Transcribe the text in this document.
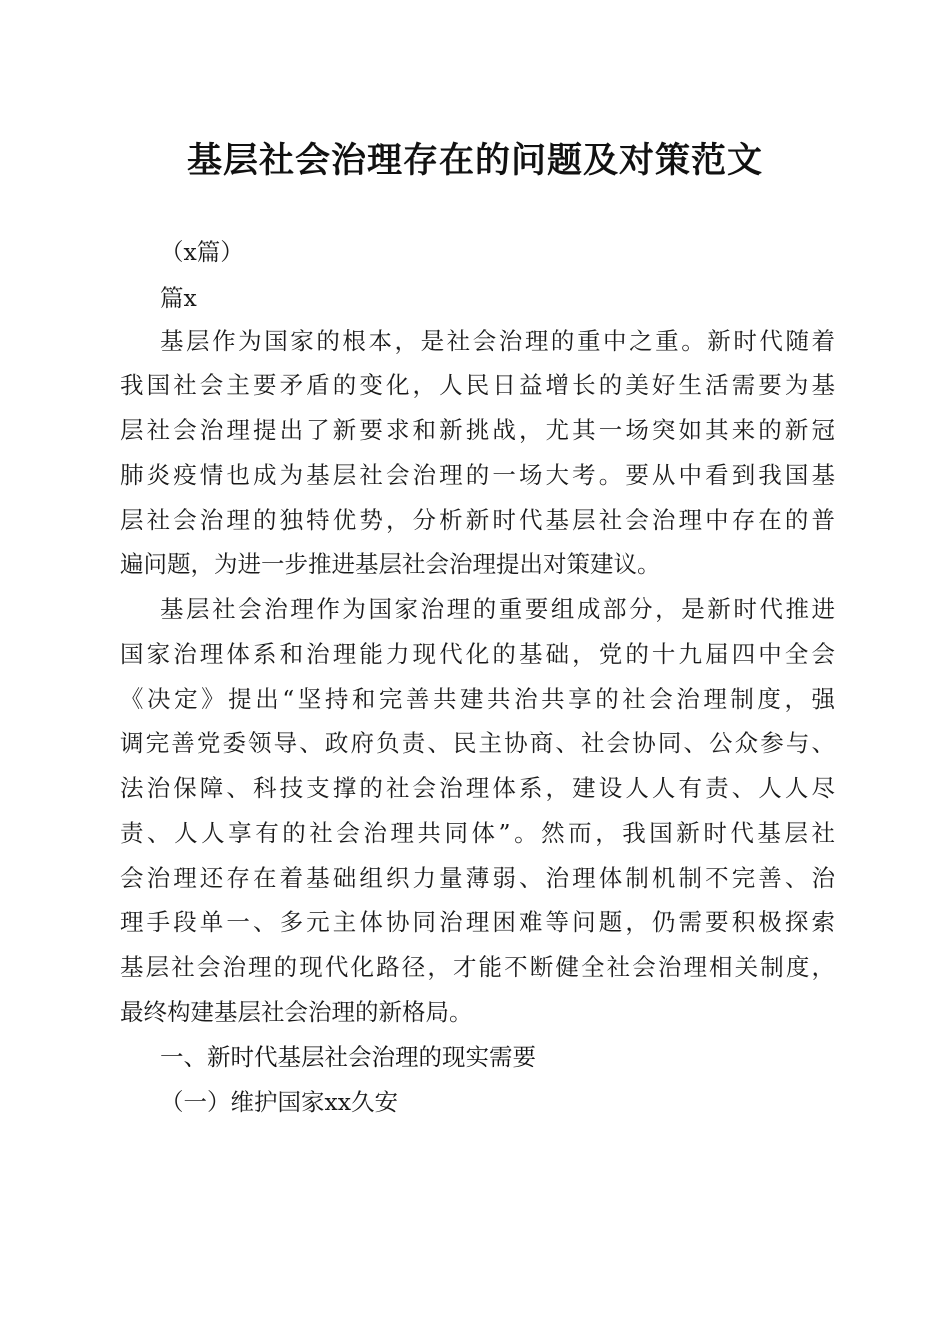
基层社会治理存在的问题及对策范文
（x篇）
篇x
基层作为国家的根本，是社会治理的重中之重。新时代随着
我国社会主要矛盾的变化，人民日益增长的美好生活需要为基
层社会治理提出了新要求和新挑战，尤其一场突如其来的新冠
肺炎疫情也成为基层社会治理的一场大考。要从中看到我国基
层社会治理的独特优势，分析新时代基层社会治理中存在的普
遍问题，为进一步推进基层社会治理提出对策建议。
基层社会治理作为国家治理的重要组成部分，是新时代推进
国家治理体系和治理能力现代化的基础，党的十九届四中全会
《决定》提出“坚持和完善共建共治共享的社会治理制度，强
调完善党委领导、政府负责、民主协商、社会协同、公众参与、
法治保障、科技支撑的社会治理体系，建设人人有责、人人尽
责、人人享有的社会治理共同体”。然而，我国新时代基层社
会治理还存在着基础组织力量薄弱、治理体制机制不完善、治
理手段单一、多元主体协同治理困难等问题，仍需要积极探索
基层社会治理的现代化路径，才能不断健全社会治理相关制度，
最终构建基层社会治理的新格局。
一、新时代基层社会治理的现实需要
（一）维护国家xx久安
